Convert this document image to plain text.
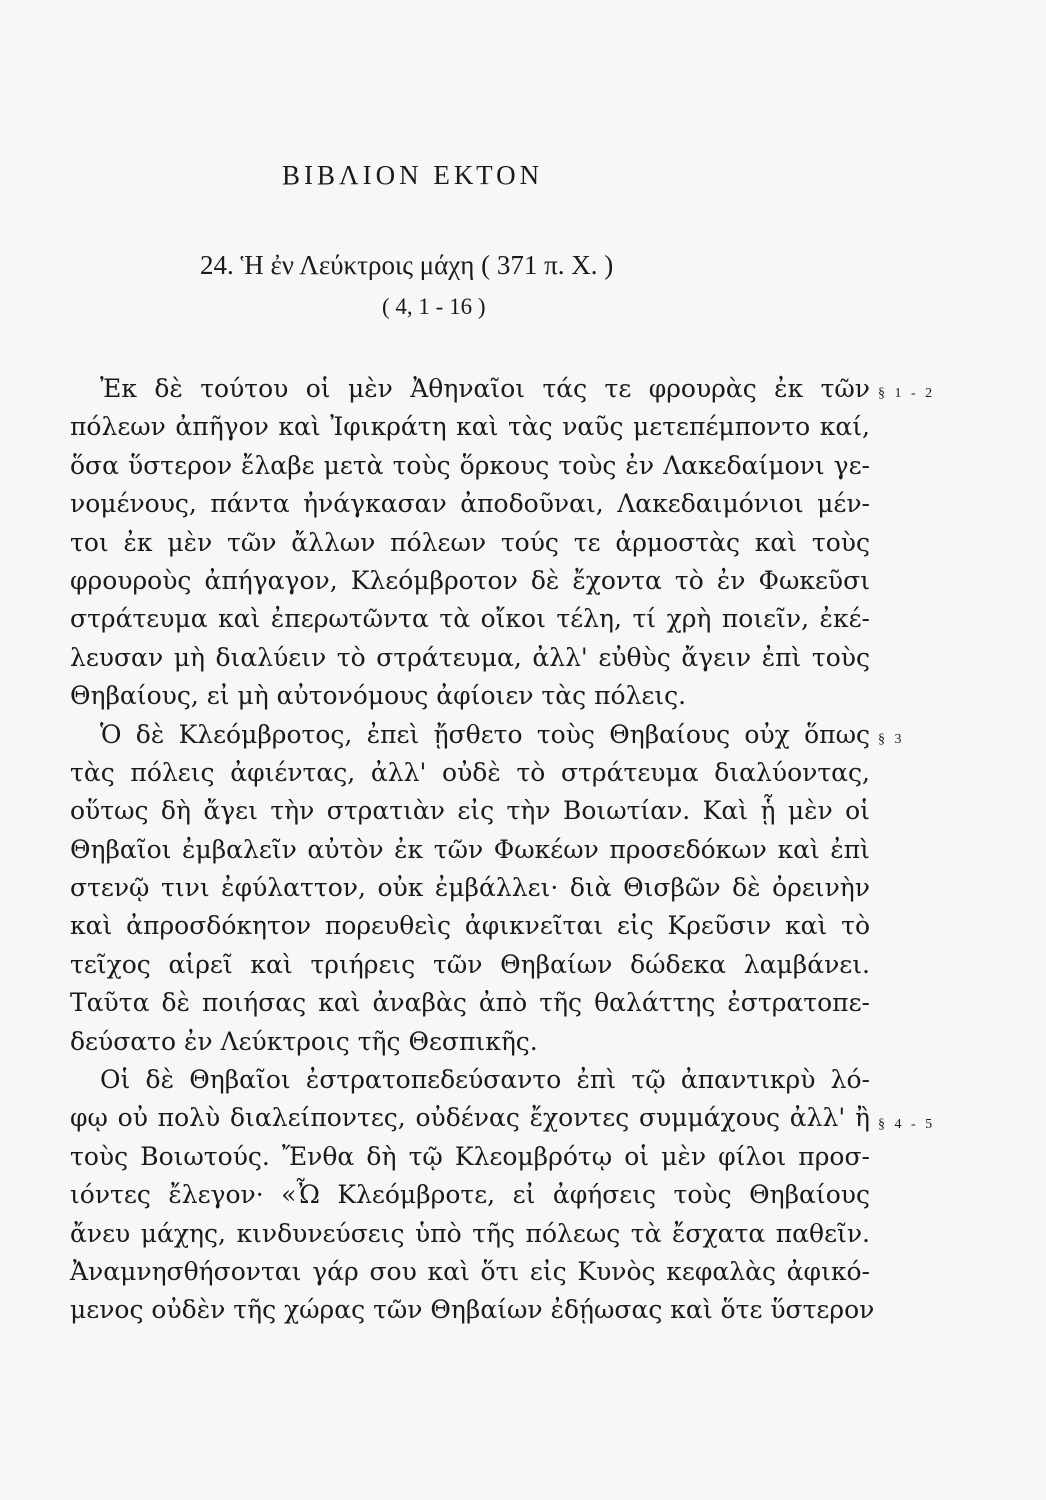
ΒΙΒΛΙΟΝ ΕΚΤΟΝ
24. Ἡ ἐν Λεύκτροις μάχη ( 371 π. Χ. )
( 4, 1 - 16 )
§ 1 - 2
§ 3
§ 4 - 5
Ἐκ δὲ τούτου οἱ μὲν Ἀθηναῖοι τάς τε φρουρὰς ἐκ τῶν
πόλεων ἀπῆγον καὶ Ἰφικράτη καὶ τὰς ναῦς μετεπέμποντο καί,
ὅσα ὕστερον ἔλαβε μετὰ τοὺς ὅρκους τοὺς ἐν Λακεδαίμονι γε-
νομένους, πάντα ἠνάγκασαν ἀποδοῦναι, Λακεδαιμόνιοι μέν-
τοι ἐκ μὲν τῶν ἄλλων πόλεων τούς τε ἁρμοστὰς καὶ τοὺς
φρουροὺς ἀπήγαγον, Κλεόμβροτον δὲ ἔχοντα τὸ ἐν Φωκεῦσι
στράτευμα καὶ ἐπερωτῶντα τὰ οἴκοι τέλη, τί χρὴ ποιεῖν, ἐκέ-
λευσαν μὴ διαλύειν τὸ στράτευμα, ἀλλ' εὐθὺς ἄγειν ἐπὶ τοὺς
Θηβαίους, εἰ μὴ αὐτονόμους ἀφίοιεν τὰς πόλεις.
Ὁ δὲ Κλεόμβροτος, ἐπεὶ ᾔσθετο τοὺς Θηβαίους οὐχ ὅπως
τὰς πόλεις ἀφιέντας, ἀλλ' οὐδὲ τὸ στράτευμα διαλύοντας,
οὕτως δὴ ἄγει τὴν στρατιὰν εἰς τὴν Βοιωτίαν. Καὶ ᾗ μὲν οἱ
Θηβαῖοι ἐμβαλεῖν αὐτὸν ἐκ τῶν Φωκέων προσεδόκων καὶ ἐπὶ
στενῷ τινι ἐφύλαττον, οὐκ ἐμβάλλει· διὰ Θισβῶν δὲ ὀρεινὴν
καὶ ἀπροσδόκητον πορευθεὶς ἀφικνεῖται εἰς Κρεῦσιν καὶ τὸ
τεῖχος αἱρεῖ καὶ τριήρεις τῶν Θηβαίων δώδεκα λαμβάνει.
Ταῦτα δὲ ποιήσας καὶ ἀναβὰς ἀπὸ τῆς θαλάττης ἐστρατοπε-
δεύσατο ἐν Λεύκτροις τῆς Θεσπικῆς.
Οἱ δὲ Θηβαῖοι ἐστρατοπεδεύσαντο ἐπὶ τῷ ἀπαντικρὺ λό-
φῳ οὐ πολὺ διαλείποντες, οὐδένας ἔχοντες συμμάχους ἀλλ' ἢ
τοὺς Βοιωτούς. Ἔνθα δὴ τῷ Κλεομβρότῳ οἱ μὲν φίλοι προσ-
ιόντες ἔλεγον· «Ὦ Κλεόμβροτε, εἰ ἀφήσεις τοὺς Θηβαίους
ἄνευ μάχης, κινδυνεύσεις ὑπὸ τῆς πόλεως τὰ ἔσχατα παθεῖν.
Ἀναμνησθήσονται γάρ σου καὶ ὅτι εἰς Κυνὸς κεφαλὰς ἀφικό-
μενος οὐδὲν τῆς χώρας τῶν Θηβαίων ἐδῄωσας καὶ ὅτε ὕστερον
